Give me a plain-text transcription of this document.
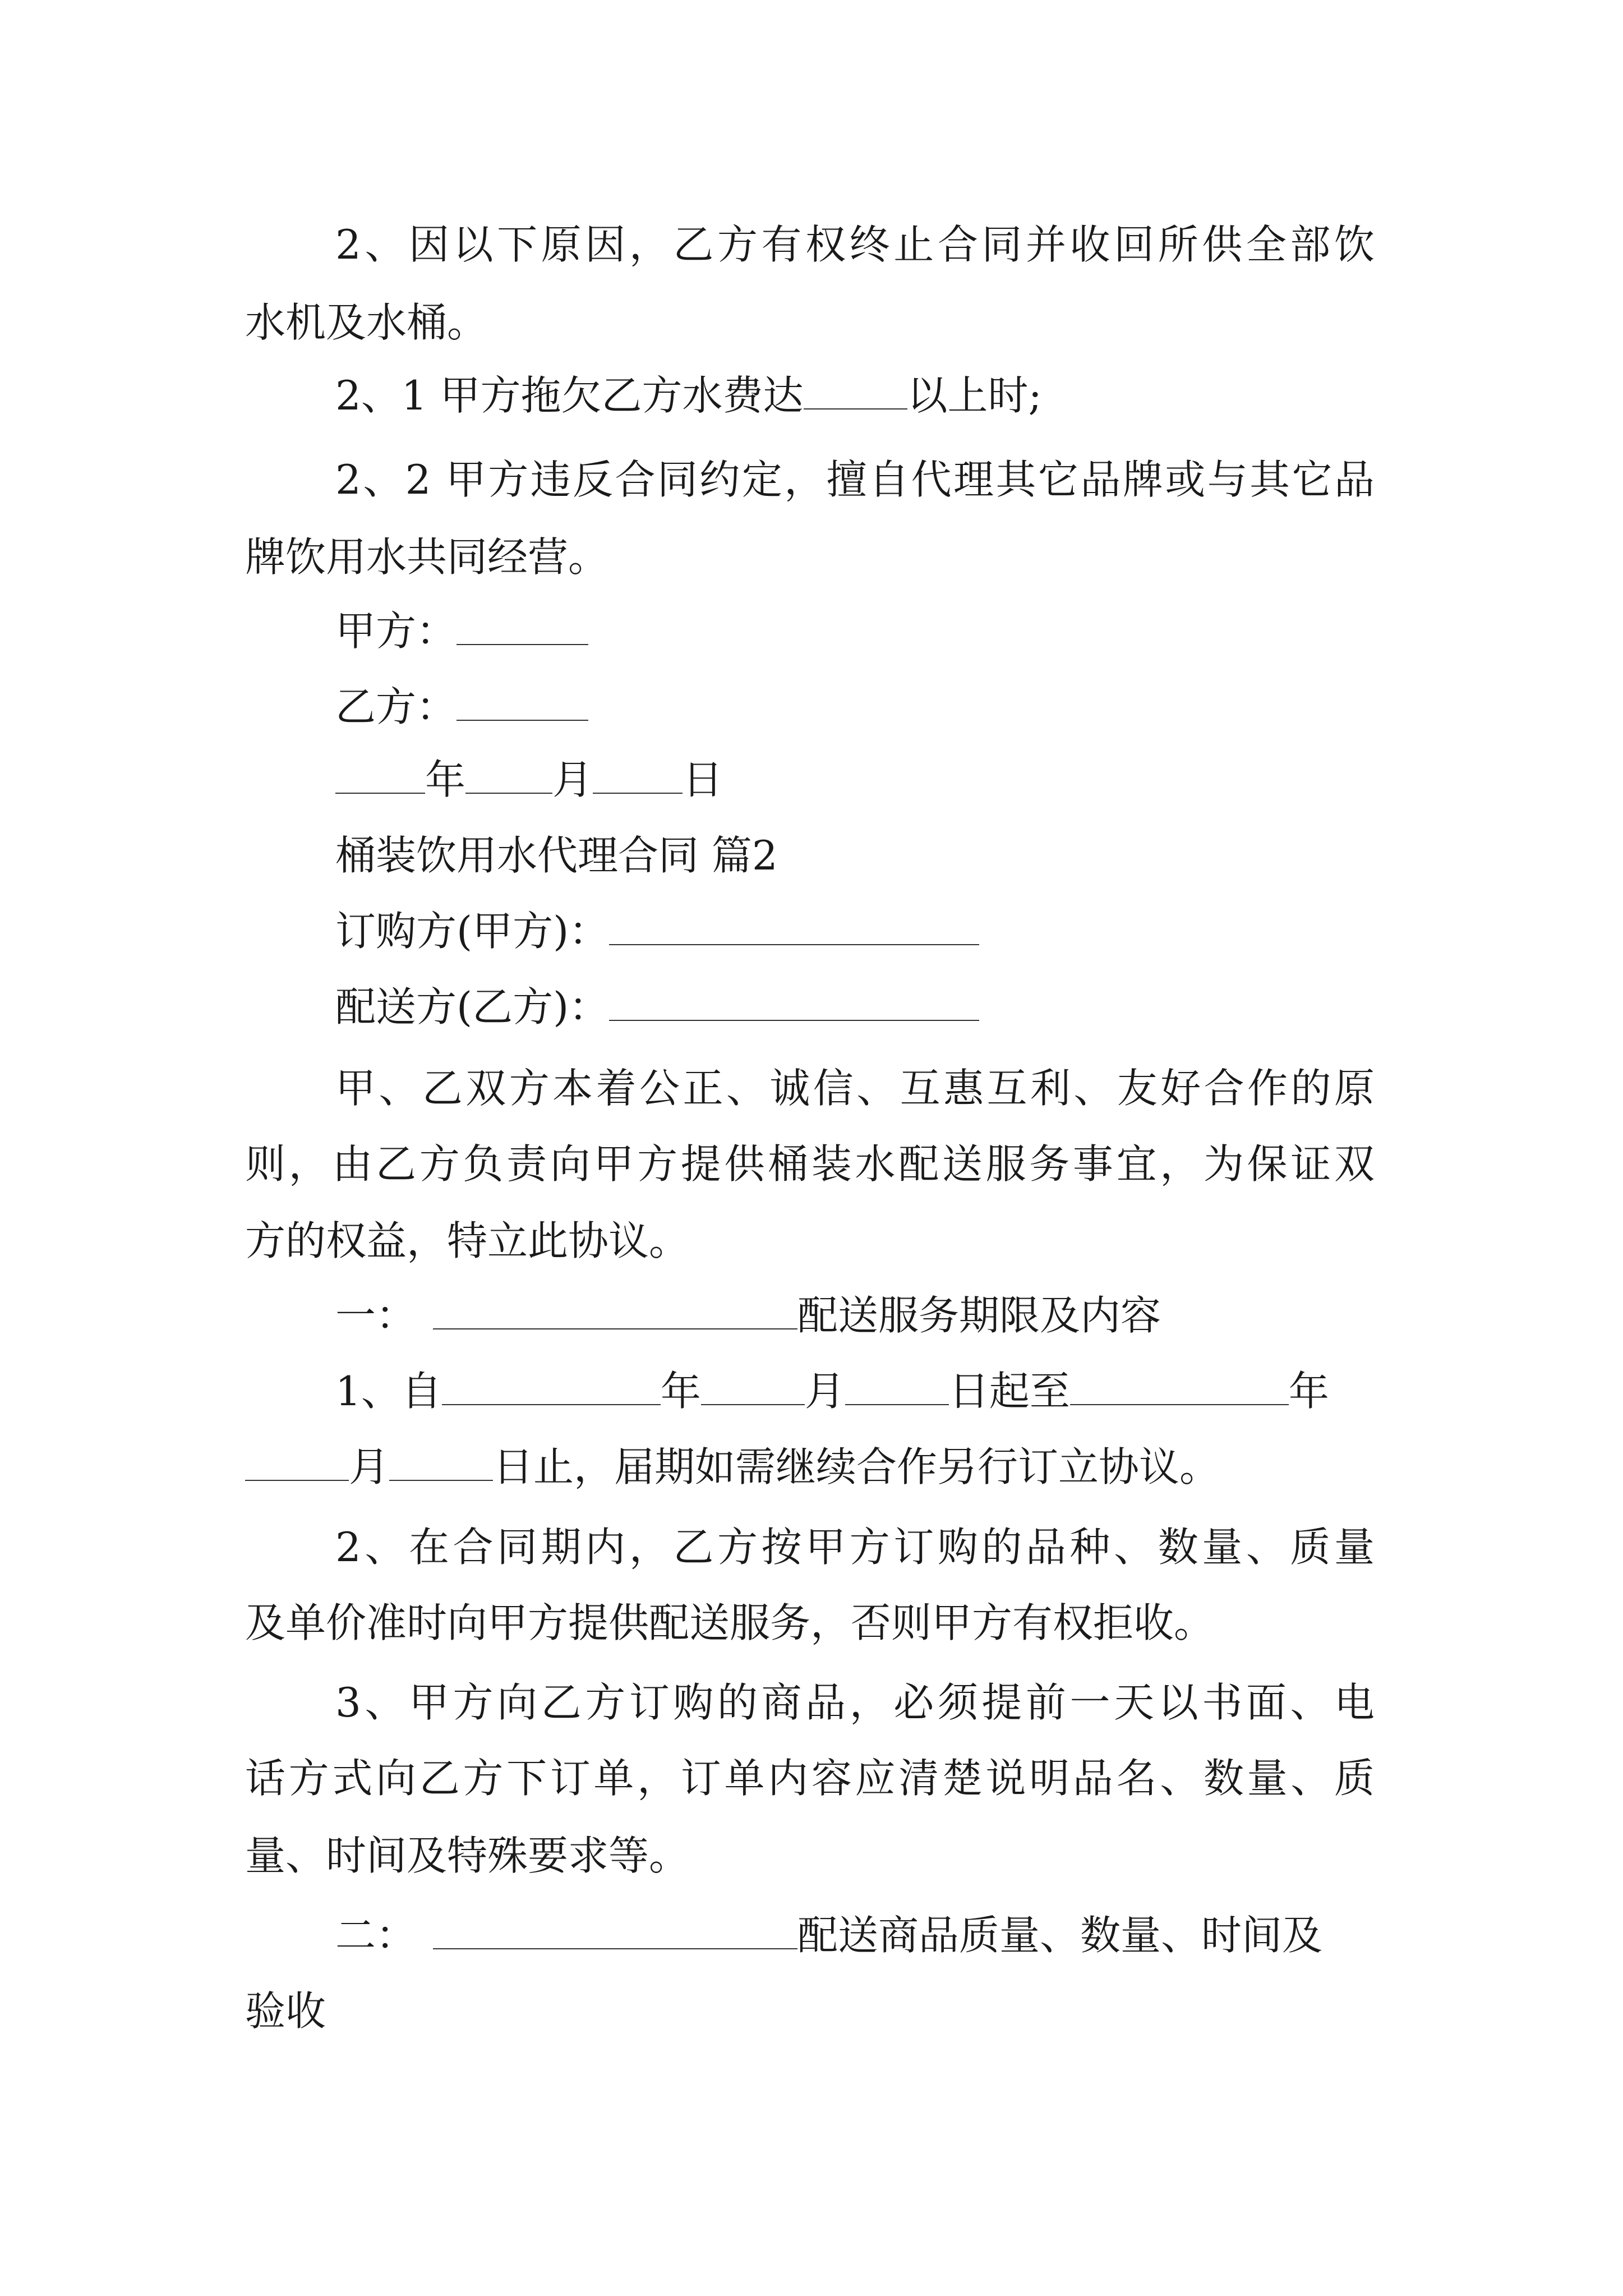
2、因以下原因，乙方有权终止合同并收回所供全部饮
水机及水桶。
2、1 甲方拖欠乙方水费达	以上时;
2、2 甲方违反合同约定，擅自代理其它品牌或与其它品
牌饮用水共同经营。
甲方：
乙方：
年 月 日
桶装饮用水代理合同 篇2
订购方(甲方)：
配送方(乙方)：
甲、乙双方本着公正、诚信、互惠互利、友好合作的原
则，由乙方负责向甲方提供桶装水配送服务事宜，为保证双
方的权益，特立此协议。
一：	配送服务期限及内容
1、自	年	月	日起至	年
月	日止，届期如需继续合作另行订立协议。
2、在合同期内，乙方按甲方订购的品种、数量、质量
及单价准时向甲方提供配送服务，否则甲方有权拒收。
3、甲方向乙方订购的商品，必须提前一天以书面、电
话方式向乙方下订单，订单内容应清楚说明品名、数量、质
量、时间及特殊要求等。
二：	配送商品质量、数量、时间及
验收
